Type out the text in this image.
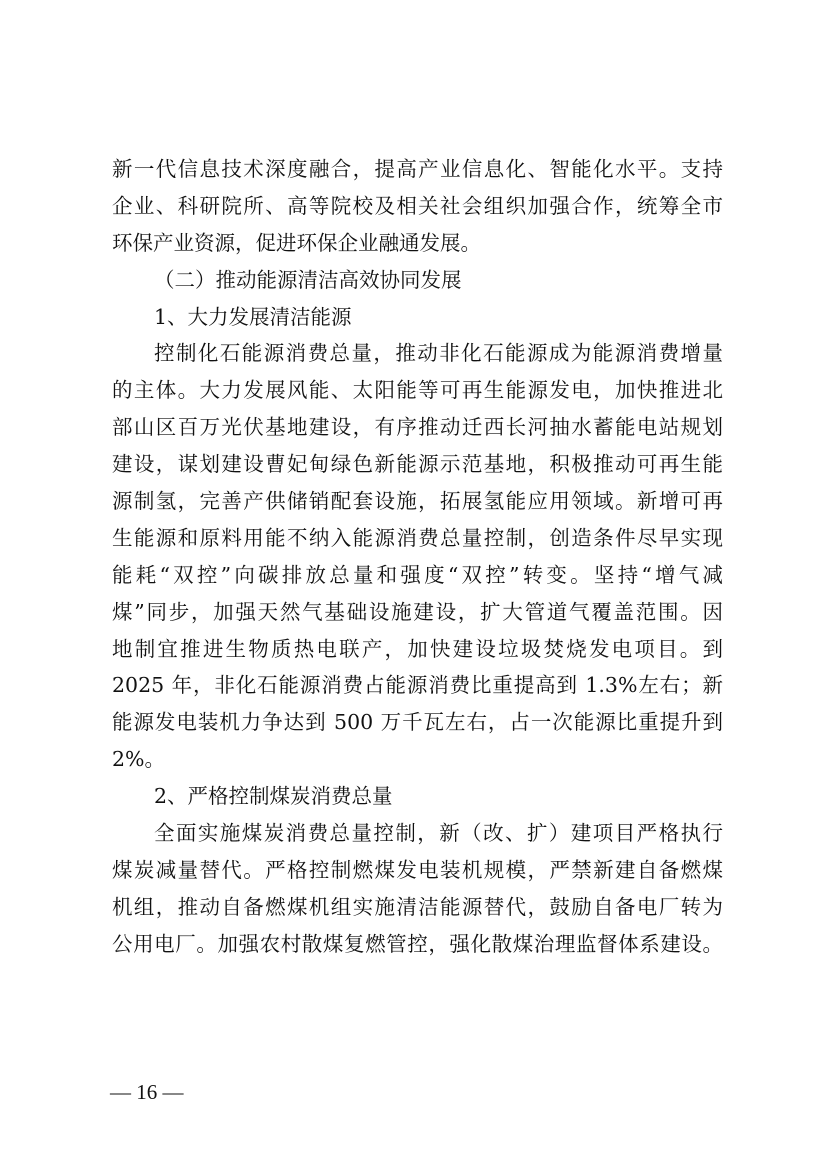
新一代信息技术深度融合，提高产业信息化、智能化水平。支持
企业、科研院所、高等院校及相关社会组织加强合作，统筹全市
环保产业资源，促进环保企业融通发展。
（二）推动能源清洁高效协同发展
1、大力发展清洁能源
控制化石能源消费总量，推动非化石能源成为能源消费增量
的主体。大力发展风能、太阳能等可再生能源发电，加快推进北
部山区百万光伏基地建设，有序推动迁西长河抽水蓄能电站规划
建设，谋划建设曹妃甸绿色新能源示范基地，积极推动可再生能
源制氢，完善产供储销配套设施，拓展氢能应用领域。新增可再
生能源和原料用能不纳入能源消费总量控制，创造条件尽早实现
能耗“双控”向碳排放总量和强度“双控”转变。坚持“增气减
煤”同步，加强天然气基础设施建设，扩大管道气覆盖范围。因
地制宜推进生物质热电联产，加快建设垃圾焚烧发电项目。到
2025 年，非化石能源消费占能源消费比重提高到 1.3%左右；新
能源发电装机力争达到 500 万千瓦左右，占一次能源比重提升到
2%。
2、严格控制煤炭消费总量
全面实施煤炭消费总量控制，新（改、扩）建项目严格执行
煤炭减量替代。严格控制燃煤发电装机规模，严禁新建自备燃煤
机组，推动自备燃煤机组实施清洁能源替代，鼓励自备电厂转为
公用电厂。加强农村散煤复燃管控，强化散煤治理监督体系建设。
— 16 —
